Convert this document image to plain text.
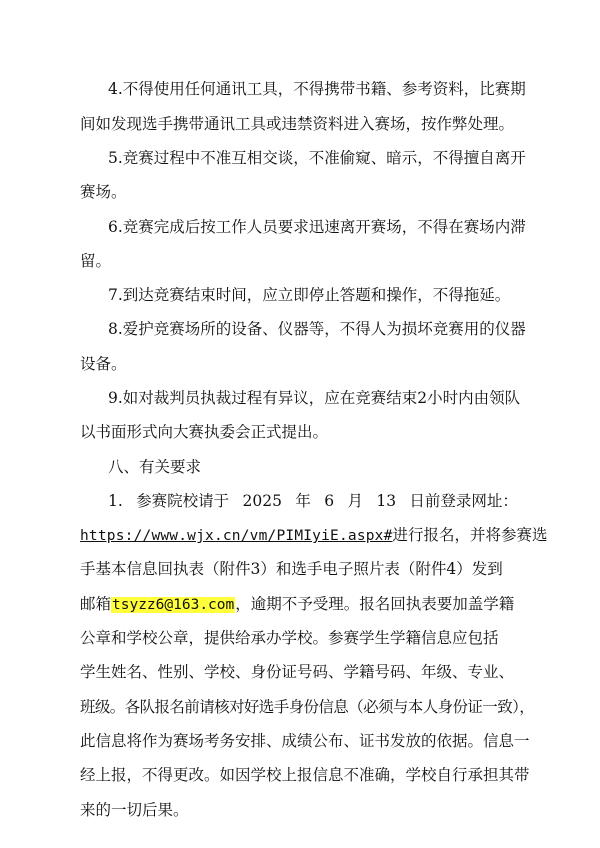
4.不得使用任何通讯工具，不得携带书籍、参考资料，比赛期
间如发现选手携带通讯工具或违禁资料进入赛场，按作弊处理。
5.竞赛过程中不准互相交谈，不准偷窥、暗示，不得擅自离开
赛场。
6.竞赛完成后按工作人员要求迅速离开赛场，不得在赛场内滞
留。
7.到达竞赛结束时间，应立即停止答题和操作，不得拖延。
8.爱护竞赛场所的设备、仪器等，不得人为损坏竞赛用的仪器
设备。
9.如对裁判员执裁过程有异议，应在竞赛结束2小时内由领队
以书面形式向大赛执委会正式提出。
八、有关要求
1. 参赛院校请于 2025 年 6 月 13 日前登录网址：
https://www.wjx.cn/vm/PIMIyiE.aspx#进行报名，并将参赛选
手基本信息回执表（附件3）和选手电子照片表（附件4）发到
邮箱tsyzz6@163.com，逾期不予受理。报名回执表要加盖学籍
公章和学校公章，提供给承办学校。参赛学生学籍信息应包括
学生姓名、性别、学校、身份证号码、学籍号码、年级、专业、
班级。各队报名前请核对好选手身份信息（必须与本人身份证一致），
此信息将作为赛场考务安排、成绩公布、证书发放的依据。信息一
经上报，不得更改。如因学校上报信息不准确，学校自行承担其带
来的一切后果。
